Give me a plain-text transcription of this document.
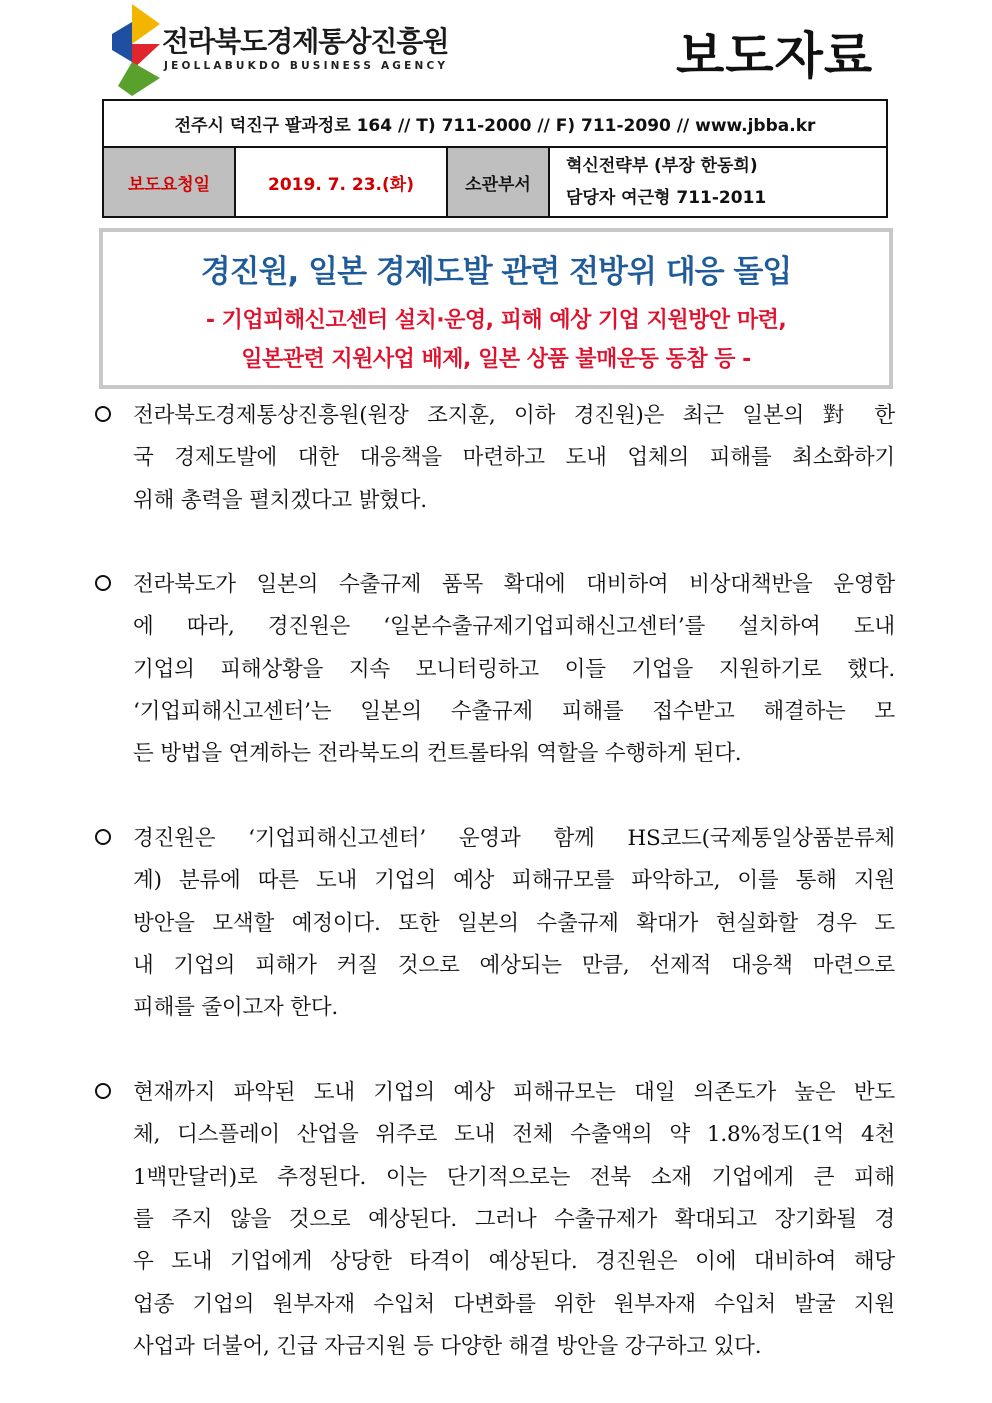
전라북도경제통상진흥원
JEOLLABUKDO BUSINESS AGENCY	보도자료
전주시 덕진구 팔과정로 164 // T) 711-2000 // F) 711-2090 // www.jbba.kr
보도요청일	2019. 7. 23.(화)	소관부서	
혁신전략부 (부장 한동희)
담당자 여근형 711-2011
경진원, 일본 경제도발 관련 전방위 대응 돌입
- 기업피해신고센터 설치·운영, 피해 예상 기업 지원방안 마련,
일본관련 지원사업 배제, 일본 상품 불매운동 동참 등 -
전라북도경제통상진흥원(원장 조지훈, 이하 경진원)은 최근 일본의 對 한
국 경제도발에 대한 대응책을 마련하고 도내 업체의 피해를 최소화하기
위해 총력을 펼치겠다고 밝혔다.
전라북도가 일본의 수출규제 품목 확대에 대비하여 비상대책반을 운영함
에 따라, 경진원은 ‘일본수출규제기업피해신고센터’를 설치하여 도내
기업의 피해상황을 지속 모니터링하고 이들 기업을 지원하기로 했다.
‘기업피해신고센터’는 일본의 수출규제 피해를 접수받고 해결하는 모
든 방법을 연계하는 전라북도의 컨트롤타워 역할을 수행하게 된다.
경진원은 ‘기업피해신고센터’ 운영과 함께 HS코드(국제통일상품분류체
계) 분류에 따른 도내 기업의 예상 피해규모를 파악하고, 이를 통해 지원
방안을 모색할 예정이다. 또한 일본의 수출규제 확대가 현실화할 경우 도
내 기업의 피해가 커질 것으로 예상되는 만큼, 선제적 대응책 마련으로
피해를 줄이고자 한다.
현재까지 파악된 도내 기업의 예상 피해규모는 대일 의존도가 높은 반도
체, 디스플레이 산업을 위주로 도내 전체 수출액의 약 1.8%정도(1억 4천
1백만달러)로 추정된다. 이는 단기적으로는 전북 소재 기업에게 큰 피해
를 주지 않을 것으로 예상된다. 그러나 수출규제가 확대되고 장기화될 경
우 도내 기업에게 상당한 타격이 예상된다. 경진원은 이에 대비하여 해당
업종 기업의 원부자재 수입처 다변화를 위한 원부자재 수입처 발굴 지원
사업과 더불어, 긴급 자금지원 등 다양한 해결 방안을 강구하고 있다.
